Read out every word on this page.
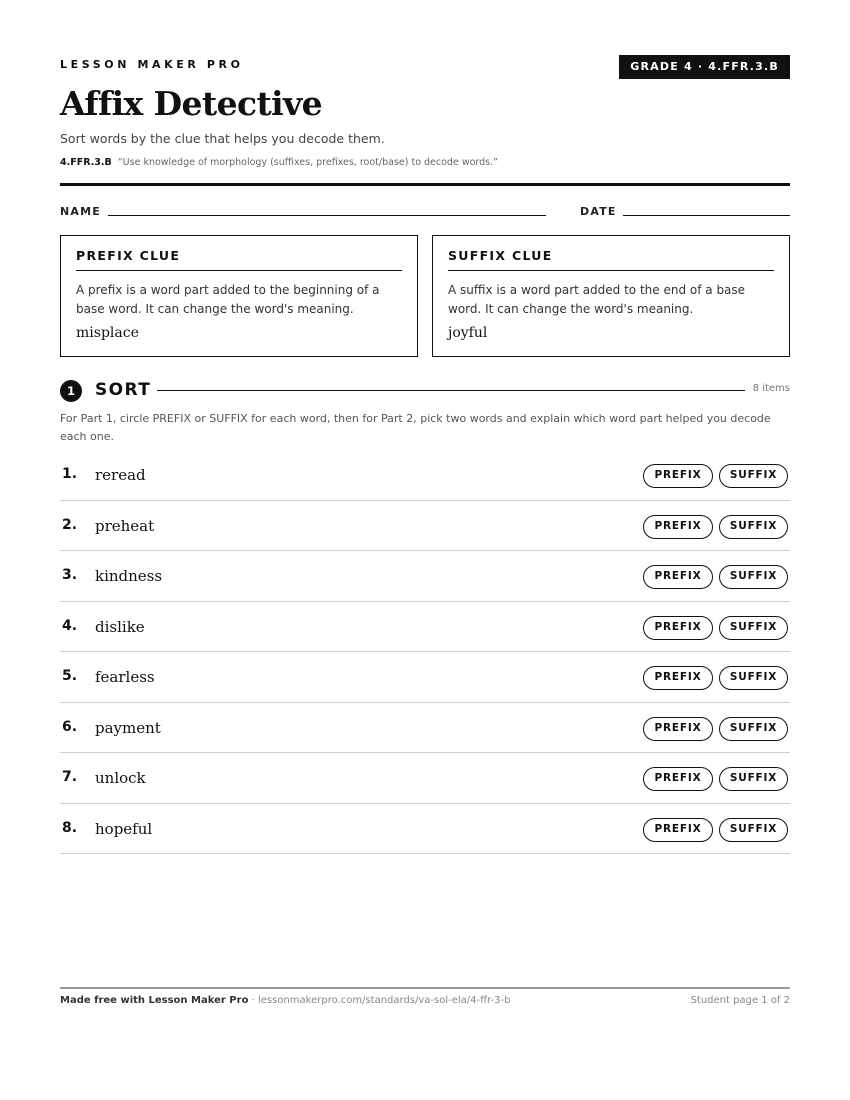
LESSON MAKER PRO	GRADE 4 · 4.FFR.3.B
Affix Detective
Sort words by the clue that helps you decode them.
4.FFR.3.B “Use knowledge of morphology (suffixes, prefixes, root/base) to decode words.”
NAME	DATE
PREFIX CLUE
A prefix is a word part added to the beginning of a base word. It can change the word's meaning.
misplace
SUFFIX CLUE
A suffix is a word part added to the end of a base word. It can change the word's meaning.
joyful
1	SORT	8 items
For Part 1, circle PREFIX or SUFFIX for each word, then for Part 2, pick two words and explain which word part helped you decode each one.
1. reread	PREFIX	SUFFIX
2. preheat	PREFIX	SUFFIX
3. kindness	PREFIX	SUFFIX
4. dislike	PREFIX	SUFFIX
5. fearless	PREFIX	SUFFIX
6. payment	PREFIX	SUFFIX
7. unlock	PREFIX	SUFFIX
8. hopeful	PREFIX	SUFFIX
Made free with Lesson Maker Pro · lessonmakerpro.com/standards/va-sol-ela/4-ffr-3-b	Student page 1 of 2
